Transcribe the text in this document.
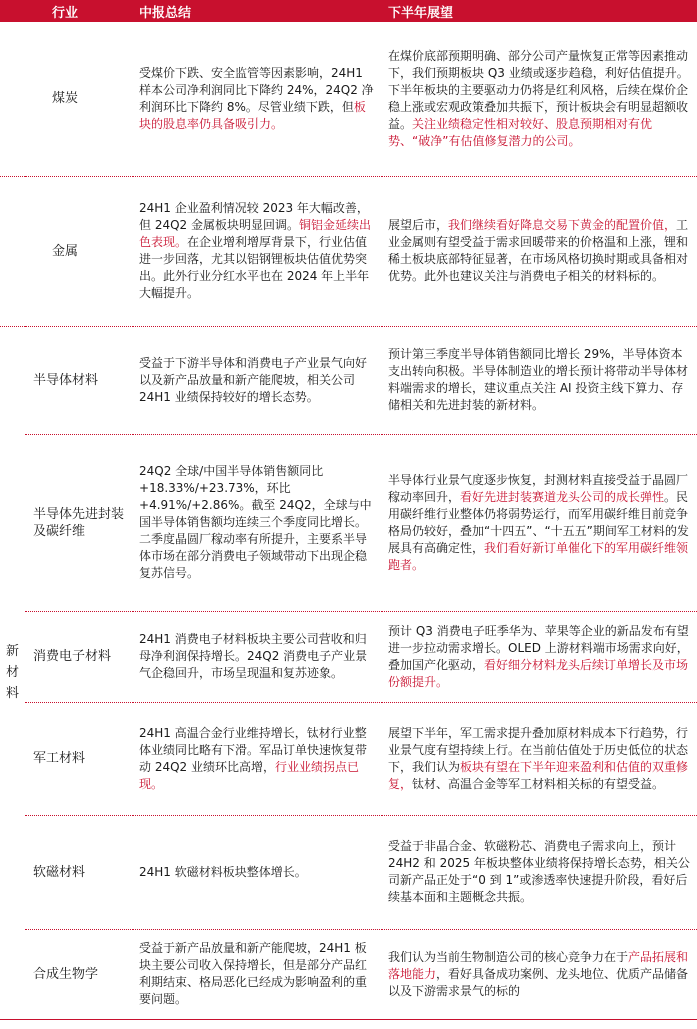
行业		中报总结	下半年展望
煤炭		受煤价下跌、安全监管等因素影响，24H1 样本公司净利润同比下降约 24%，24Q2 净利润环比下降约 8%。尽管业绩下跌，但板块的股息率仍具备吸引力。	在煤价底部预期明确、部分公司产量恢复正常等因素推动下，我们预期板块 Q3 业绩或逐步趋稳，利好估值提升。下半年板块的主要驱动力仍将是红利风格，后续在煤价企稳上涨或宏观政策叠加共振下，预计板块会有明显超额收益。关注业绩稳定性相对较好、股息预期相对有优势、“破净”有估值修复潜力的公司。
金属		24H1 企业盈利情况较 2023 年大幅改善，但 24Q2 金属板块明显回调。铜铝金延续出色表现。在企业增利增厚背景下，行业估值进一步回落，尤其以铝钢锂板块估值优势突出。此外行业分红水平也在 2024 年上半年大幅提升。	展望后市，我们继续看好降息交易下黄金的配置价值，工业金属则有望受益于需求回暖带来的价格温和上涨，锂和稀土板块底部特征显著，在市场风格切换时期或具备相对优势。此外也建议关注与消费电子相关的材料标的。
新材料	半导体材料	受益于下游半导体和消费电子产业景气向好以及新产品放量和新产能爬坡，相关公司 24H1 业绩保持较好的增长态势。	预计第三季度半导体销售额同比增长 29%，半导体资本支出转向积极。半导体制造业的增长预计将带动半导体材料端需求的增长，建议重点关注 AI 投资主线下算力、存储相关和先进封装的新材料。
	半导体先进封装及碳纤维	24Q2 全球/中国半导体销售额同比+18.33%/+23.73%，环比+4.91%/+2.86%。截至 24Q2，全球与中国半导体销售额均连续三个季度同比增长。二季度晶圆厂稼动率有所提升，主要系半导体市场在部分消费电子领域带动下出现企稳复苏信号。	半导体行业景气度逐步恢复，封测材料直接受益于晶圆厂稼动率回升，看好先进封装赛道龙头公司的成长弹性。民用碳纤维行业整体仍将弱势运行，而军用碳纤维目前竞争格局仍较好，叠加“十四五”、“十五五”期间军工材料的发展具有高确定性，我们看好新订单催化下的军用碳纤维领跑者。
	消费电子材料	24H1 消费电子材料板块主要公司营收和归母净利润保持增长。24Q2 消费电子产业景气企稳回升，市场呈现温和复苏迹象。	预计 Q3 消费电子旺季华为、苹果等企业的新品发布有望进一步拉动需求增长。OLED 上游材料端市场需求向好，叠加国产化驱动，看好细分材料龙头后续订单增长及市场份额提升。
	军工材料	24H1 高温合金行业维持增长，钛材行业整体业绩同比略有下滑。军品订单快速恢复带动 24Q2 业绩环比高增，行业业绩拐点已现。	展望下半年，军工需求提升叠加原材料成本下行趋势，行业景气度有望持续上行。在当前估值处于历史低位的状态下，我们认为板块有望在下半年迎来盈利和估值的双重修复，钛材、高温合金等军工材料相关标的有望受益。
	软磁材料	24H1 软磁材料板块整体增长。	受益于非晶合金、软磁粉芯、消费电子需求向上，预计 24H2 和 2025 年板块整体业绩将保持增长态势，相关公司新产品正处于“0 到 1”或渗透率快速提升阶段，看好后续基本面和主题概念共振。
	合成生物学	受益于新产品放量和新产能爬坡，24H1 板块主要公司收入保持增长，但是部分产品红利期结束、格局恶化已经成为影响盈利的重要问题。	我们认为当前生物制造公司的核心竞争力在于产品拓展和落地能力，看好具备成功案例、龙头地位、优质产品储备以及下游需求景气的标的
